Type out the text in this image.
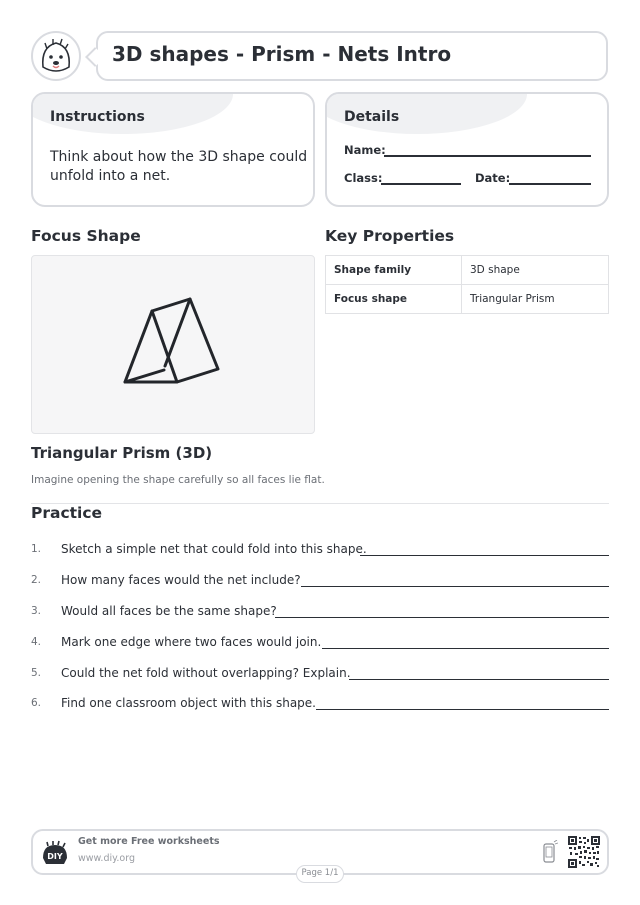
3D shapes - Prism - Nets Intro
Instructions
Think about how the 3D shape could unfold into a net.
Details
Name:
Class:	Date:
Focus Shape	Key Properties
Shape family	3D shape
Focus shape	Triangular Prism
Triangular Prism (3D)
Imagine opening the shape carefully so all faces lie flat.
Practice
1. Sketch a simple net that could fold into this shape.
2. How many faces would the net include?
3. Would all faces be the same shape?
4. Mark one edge where two faces would join.
5. Could the net fold without overlapping? Explain.
6. Find one classroom object with this shape.
DIY
Get more Free worksheets
www.diy.org
Page 1/1
